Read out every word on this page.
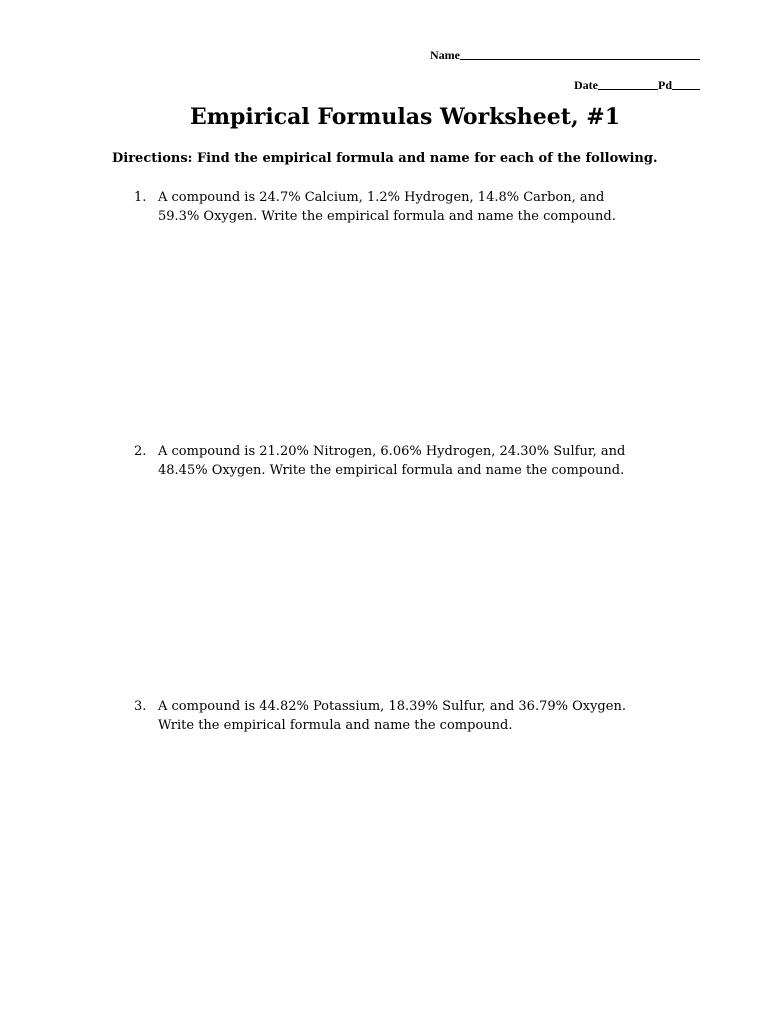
Name
Date	Pd
Empirical Formulas Worksheet, #1
Directions: Find the empirical formula and name for each of the following.
1. A compound is 24.7% Calcium, 1.2% Hydrogen, 14.8% Carbon, and
59.3% Oxygen. Write the empirical formula and name the compound.
2. A compound is 21.20% Nitrogen, 6.06% Hydrogen, 24.30% Sulfur, and
48.45% Oxygen. Write the empirical formula and name the compound.
3. A compound is 44.82% Potassium, 18.39% Sulfur, and 36.79% Oxygen.
Write the empirical formula and name the compound.
